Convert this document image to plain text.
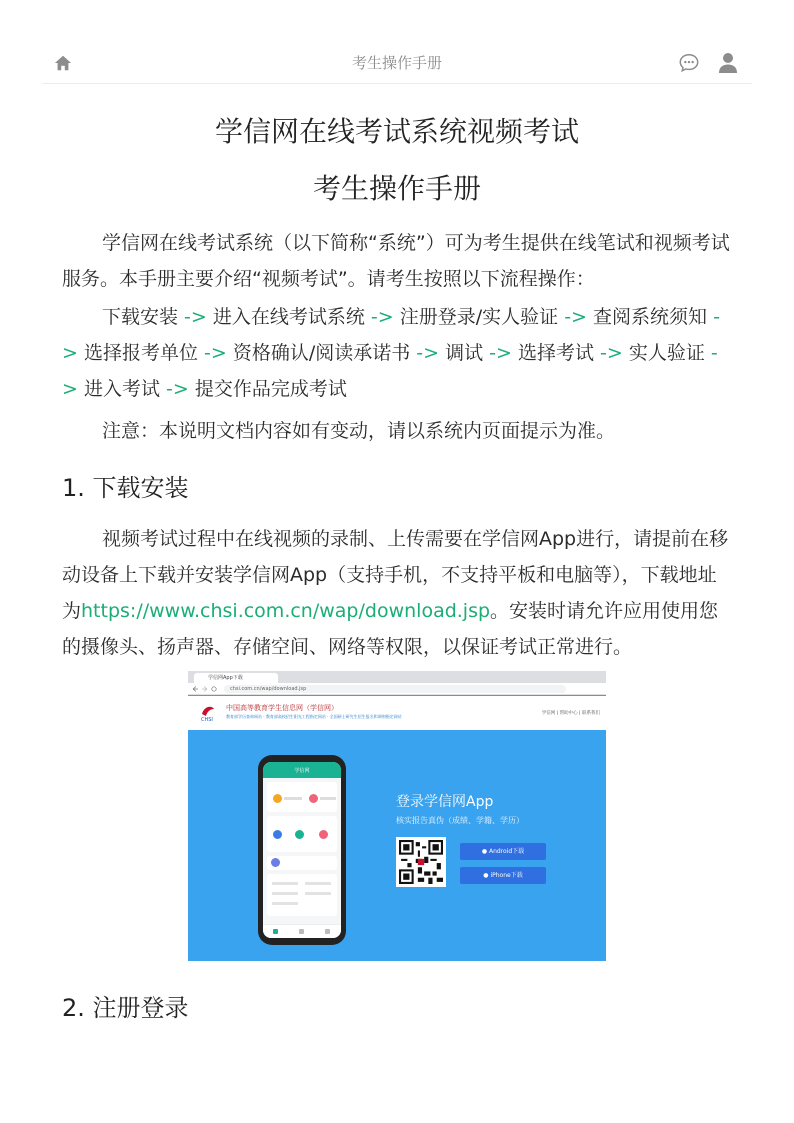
考生操作手册
学信网在线考试系统视频考试
考生操作手册

学信网在线考试系统（以下简称“系统”）可为考生提供在线笔试和视频考试服务。本手册主要介绍“视频考试”。请考生按照以下流程操作：

下载安装 -> 进入在线考试系统 -> 注册登录/实人验证 -> 查阅系统须知 -> 选择报考单位 -> 资格确认/阅读承诺书 -> 调试 -> 选择考试 -> 实人验证 -> 进入考试 -> 提交作品完成考试

注意：本说明文档内容如有变动，请以系统内页面提示为准。

1. 下载安装

视频考试过程中在线视频的录制、上传需要在学信网App进行，请提前在移动设备上下载并安装学信网App（支持手机，不支持平板和电脑等），下载地址为https://www.chsi.com.cn/wap/download.jsp。安装时请允许应用使用您的摄像头、扬声器、存储空间、网络等权限，以保证考试正常进行。

学信网App下载
chsi.com.cn/wap/download.jsp
CHSI
中国高等教育学生信息网（学信网）
教育部学历查询网站 · 教育部高校招生阳光工程指定网站 · 全国硕士研究生招生报名和调剂指定网站
学信网 | 帮助中心 | 联系我们
学信网
登录学信网App
核实报告真伪（成绩、学籍、学历）
● Android下载
● iPhone下载
2. 注册登录
